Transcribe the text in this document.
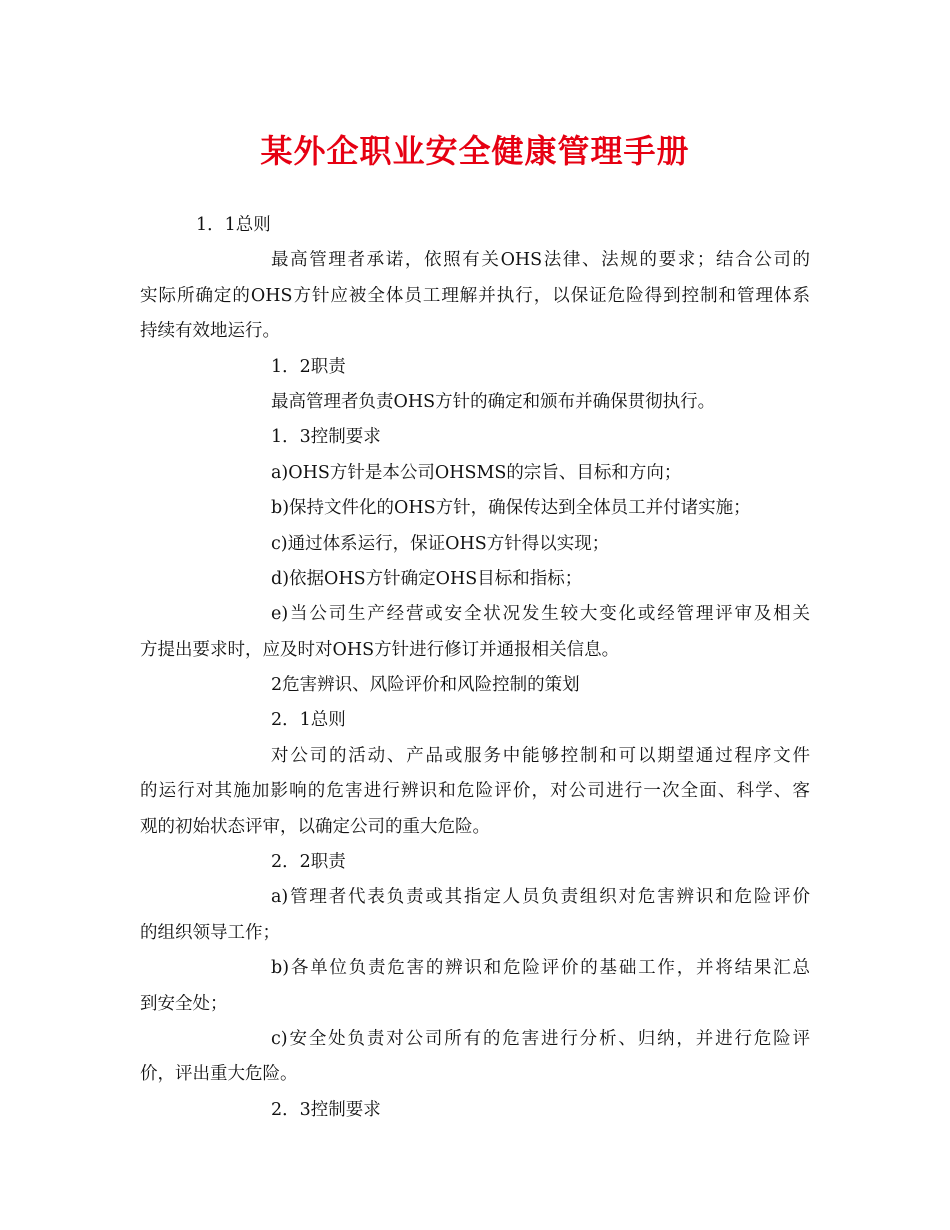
某外企职业安全健康管理手册
1．1总则
最高管理者承诺，依照有关OHS法律、法规的要求；结合公司的
实际所确定的OHS方针应被全体员工理解并执行，以保证危险得到控制和管理体系
持续有效地运行。
1．2职责
最高管理者负责OHS方针的确定和颁布并确保贯彻执行。
1．3控制要求
a)OHS方针是本公司OHSMS的宗旨、目标和方向；
b)保持文件化的OHS方针，确保传达到全体员工并付诸实施；
c)通过体系运行，保证OHS方针得以实现；
d)依据OHS方针确定OHS目标和指标；
e)当公司生产经营或安全状况发生较大变化或经管理评审及相关
方提出要求时，应及时对OHS方针进行修订并通报相关信息。
2危害辨识、风险评价和风险控制的策划
2．1总则
对公司的活动、产品或服务中能够控制和可以期望通过程序文件
的运行对其施加影响的危害进行辨识和危险评价，对公司进行一次全面、科学、客
观的初始状态评审，以确定公司的重大危险。
2．2职责
a)管理者代表负责或其指定人员负责组织对危害辨识和危险评价
的组织领导工作；
b)各单位负责危害的辨识和危险评价的基础工作，并将结果汇总
到安全处；
c)安全处负责对公司所有的危害进行分析、归纳，并进行危险评
价，评出重大危险。
2．3控制要求
